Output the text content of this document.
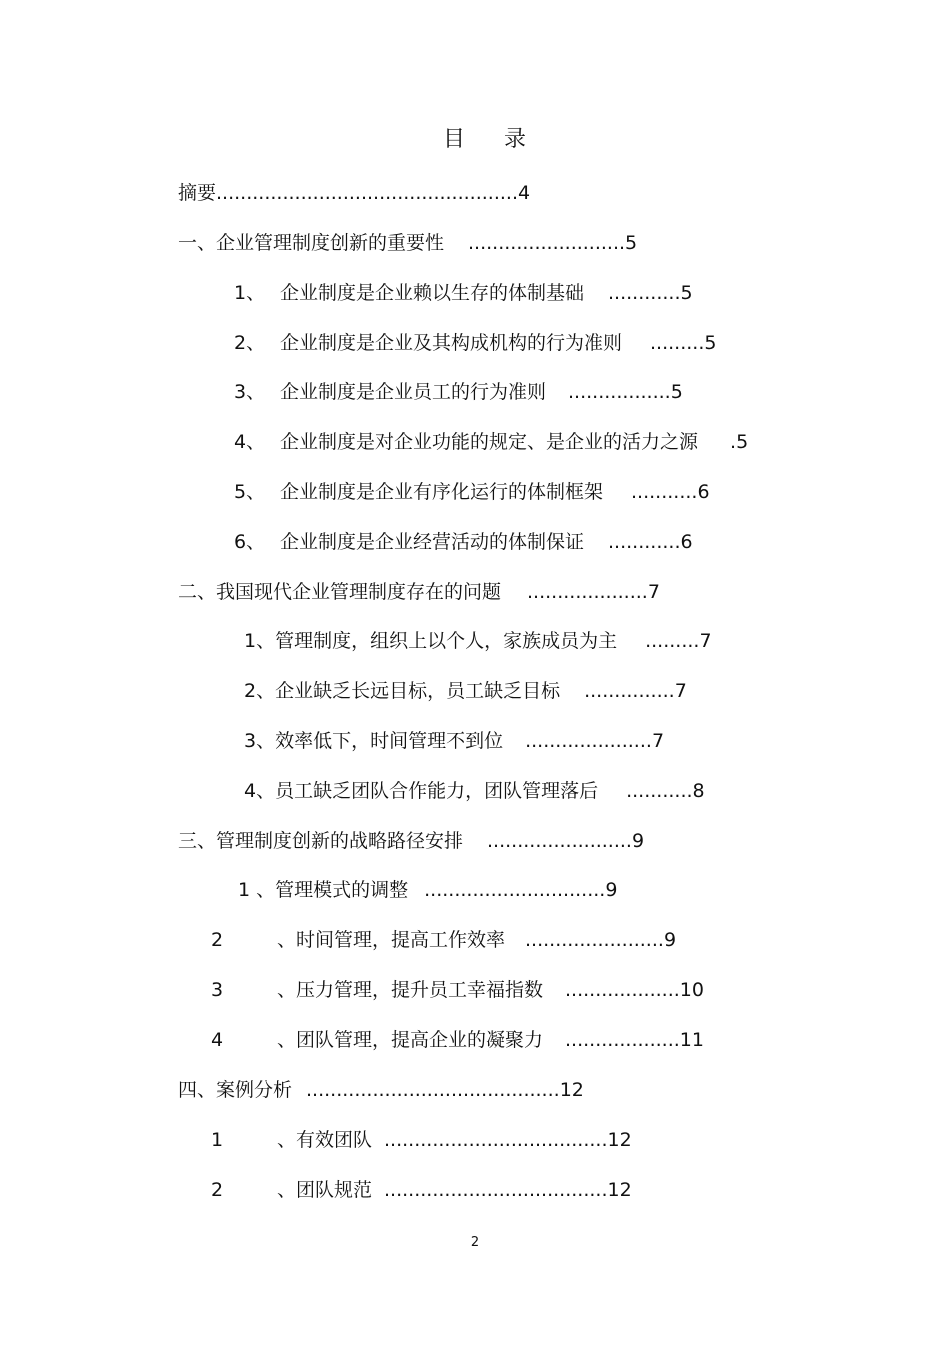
目 录
摘要..................................................4
一、企业管理制度创新的重要性 ..........................5
1、 企业制度是企业赖以生存的体制基础 ............5
2、 企业制度是企业及其构成机构的行为准则 .........5
3、 企业制度是企业员工的行为准则 .................5
4、 企业制度是对企业功能的规定、是企业的活力之源 .5
5、 企业制度是企业有序化运行的体制框架 ...........6
6、 企业制度是企业经营活动的体制保证 ............6
二、我国现代企业管理制度存在的问题 ....................7
1、管理制度，组织上以个人，家族成员为主 .........7
2、企业缺乏长远目标，员工缺乏目标 ...............7
3、效率低下，时间管理不到位 .....................7
4、员工缺乏团队合作能力，团队管理落后 ...........8
三、管理制度创新的战略路径安排 ........................9
1 、管理模式的调整 ..............................9
2	、时间管理，提高工作效率 .......................9
3	、压力管理，提升员工幸福指数 ...................10
4	、团队管理，提高企业的凝聚力 ...................11
四、案例分析 ..........................................12
1	、有效团队 .....................................12
2	、团队规范 .....................................12
2
